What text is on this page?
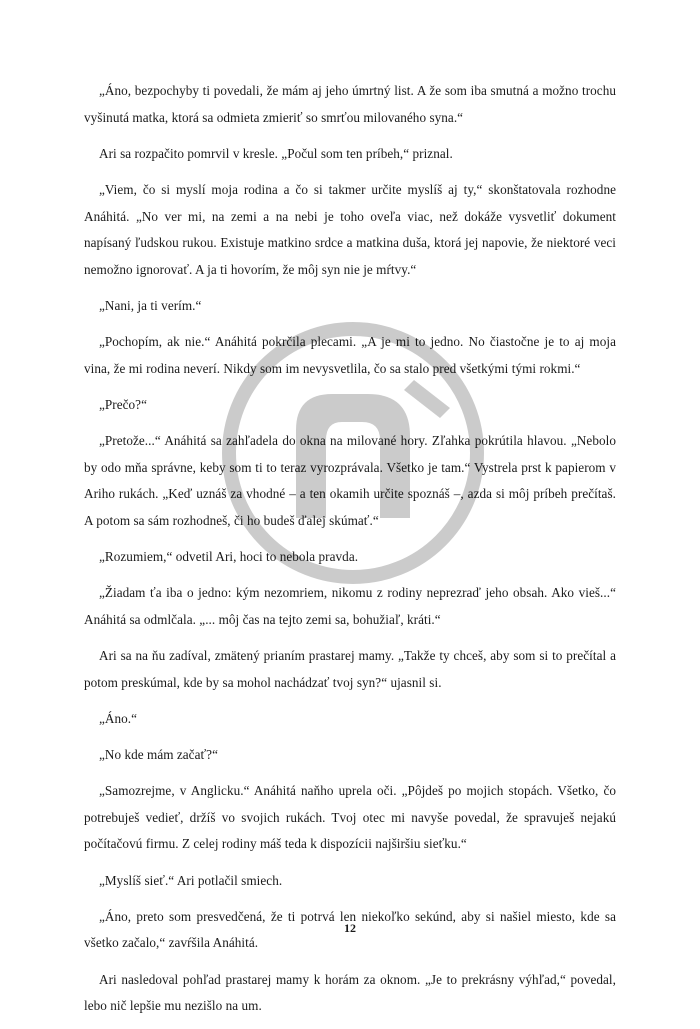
„Áno, bezpochyby ti povedali, že mám aj jeho úmrtný list. A že som iba smutná a možno trochu vyšinutá matka, ktorá sa odmieta zmieriť so smrťou milovaného syna.“

Ari sa rozpačito pomrvil v kresle. „Počul som ten príbeh,“ priznal.

„Viem, čo si myslí moja rodina a čo si takmer určite myslíš aj ty,“ skonštatovala rozhodne Anáhitá. „No ver mi, na zemi a na nebi je toho oveľa viac, než dokáže vysvetliť dokument napísaný ľudskou rukou. Existuje matkino srdce a matkina duša, ktorá jej napovie, že niektoré veci nemožno ignorovať. A ja ti hovorím, že môj syn nie je mŕtvy.“

„Nani, ja ti verím.“

„Pochopím, ak nie.“ Anáhitá pokrčila plecami. „A je mi to jedno. No čiastočne je to aj moja vina, že mi rodina neverí. Nikdy som im nevysvetlila, čo sa stalo pred všetkými tými rokmi.“

„Prečo?“

„Pretože...“ Anáhitá sa zahľadela do okna na milované hory. Zľahka pokrútila hlavou. „Nebolo by odo mňa správne, keby som ti to teraz vyrozprávala. Všetko je tam.“ Vystrela prst k papierom v Ariho rukách. „Keď uznáš za vhodné – a ten okamih určite spoznáš –, azda si môj príbeh prečítaš. A potom sa sám rozhodneš, či ho budeš ďalej skúmať.“

„Rozumiem,“ odvetil Ari, hoci to nebola pravda.

„Žiadam ťa iba o jedno: kým nezomriem, nikomu z rodiny neprezraď jeho obsah. Ako vieš...“ Anáhitá sa odmlčala. „... môj čas na tejto zemi sa, bohužiaľ, kráti.“

Ari sa na ňu zadíval, zmätený prianím prastarej mamy. „Takže ty chceš, aby som si to prečítal a potom preskúmal, kde by sa mohol nachádzať tvoj syn?“ ujasnil si.

„Áno.“

„No kde mám začať?“

„Samozrejme, v Anglicku.“ Anáhitá naňho uprela oči. „Pôjdeš po mojich stopách. Všetko, čo potrebuješ vedieť, držíš vo svojich rukách. Tvoj otec mi navyše povedal, že spravuješ nejakú počítačovú firmu. Z celej rodiny máš teda k dispozícii najširšiu sieťku.“

„Myslíš sieť.“ Ari potlačil smiech.

„Áno, preto som presvedčená, že ti potrvá len niekoľko sekúnd, aby si našiel miesto, kde sa všetko začalo,“ zavŕšila Anáhitá.

Ari nasledoval pohľad prastarej mamy k horám za oknom. „Je to prekrásny výhľad,“ povedal, lebo nič lepšie mu nezišlo na um.

12
